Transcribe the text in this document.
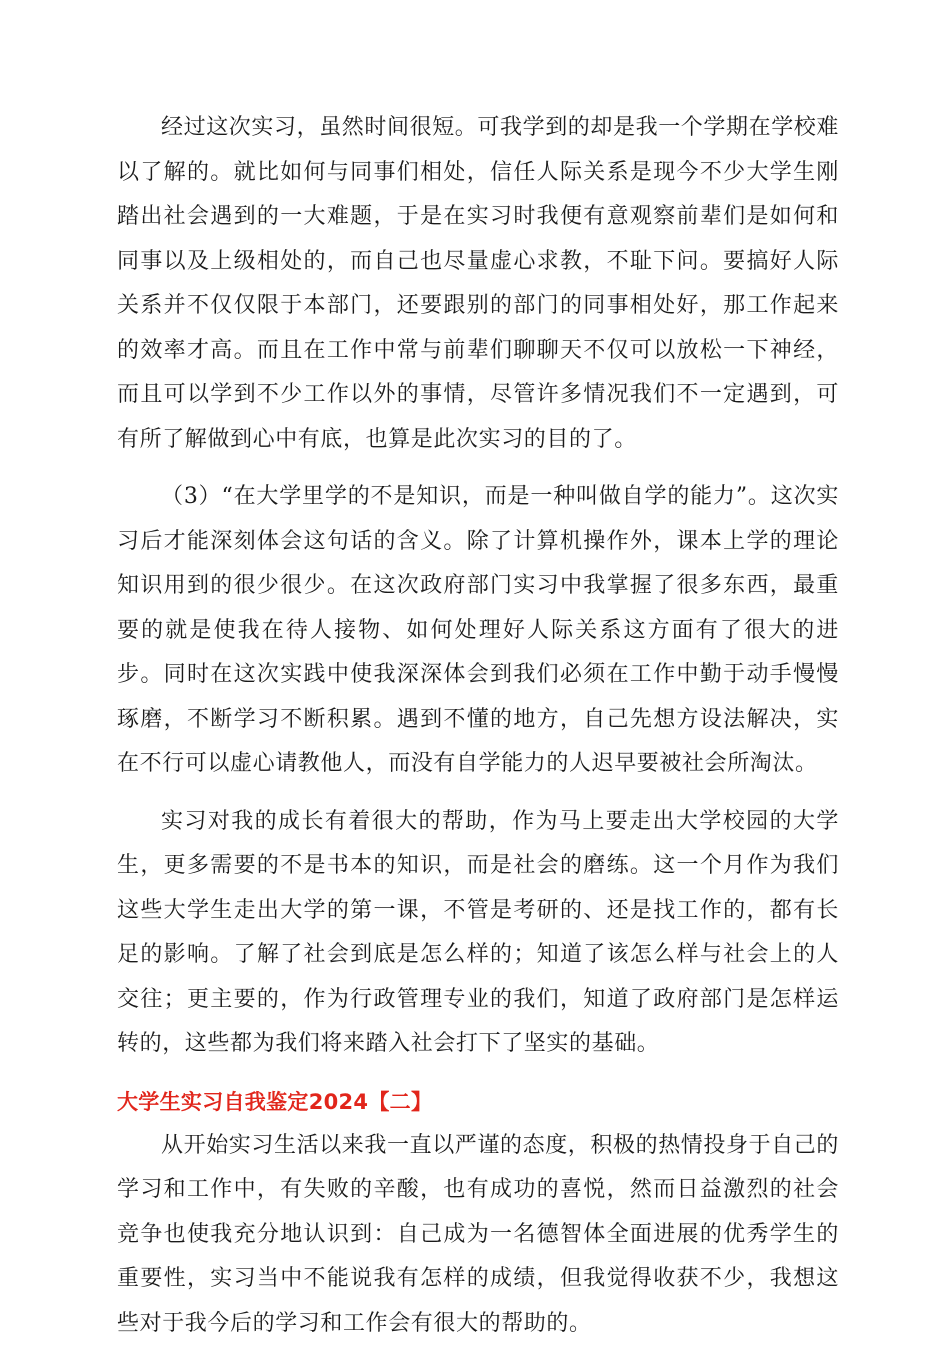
经过这次实习，虽然时间很短。可我学到的却是我一个学期在学校难以了解的。就比如何与同事们相处，信任人际关系是现今不少大学生刚踏出社会遇到的一大难题，于是在实习时我便有意观察前辈们是如何和同事以及上级相处的，而自己也尽量虚心求教，不耻下问。要搞好人际关系并不仅仅限于本部门，还要跟别的部门的同事相处好，那工作起来的效率才高。而且在工作中常与前辈们聊聊天不仅可以放松一下神经，而且可以学到不少工作以外的事情，尽管许多情况我们不一定遇到，可有所了解做到心中有底，也算是此次实习的目的了。

（3）“在大学里学的不是知识，而是一种叫做自学的能力”。这次实习后才能深刻体会这句话的含义。除了计算机操作外，课本上学的理论知识用到的很少很少。在这次政府部门实习中我掌握了很多东西，最重要的就是使我在待人接物、如何处理好人际关系这方面有了很大的进步。同时在这次实践中使我深深体会到我们必须在工作中勤于动手慢慢琢磨，不断学习不断积累。遇到不懂的地方，自己先想方设法解决，实在不行可以虚心请教他人，而没有自学能力的人迟早要被社会所淘汰。

实习对我的成长有着很大的帮助，作为马上要走出大学校园的大学生，更多需要的不是书本的知识，而是社会的磨练。这一个月作为我们这些大学生走出大学的第一课，不管是考研的、还是找工作的，都有长足的影响。了解了社会到底是怎么样的；知道了该怎么样与社会上的人交往；更主要的，作为行政管理专业的我们，知道了政府部门是怎样运转的，这些都为我们将来踏入社会打下了坚实的基础。

大学生实习自我鉴定2024【二】

从开始实习生活以来我一直以严谨的态度，积极的热情投身于自己的学习和工作中，有失败的辛酸，也有成功的喜悦，然而日益激烈的社会竞争也使我充分地认识到：自己成为一名德智体全面进展的优秀学生的重要性，实习当中不能说我有怎样的成绩，但我觉得收获不少，我想这些对于我今后的学习和工作会有很大的帮助的。
